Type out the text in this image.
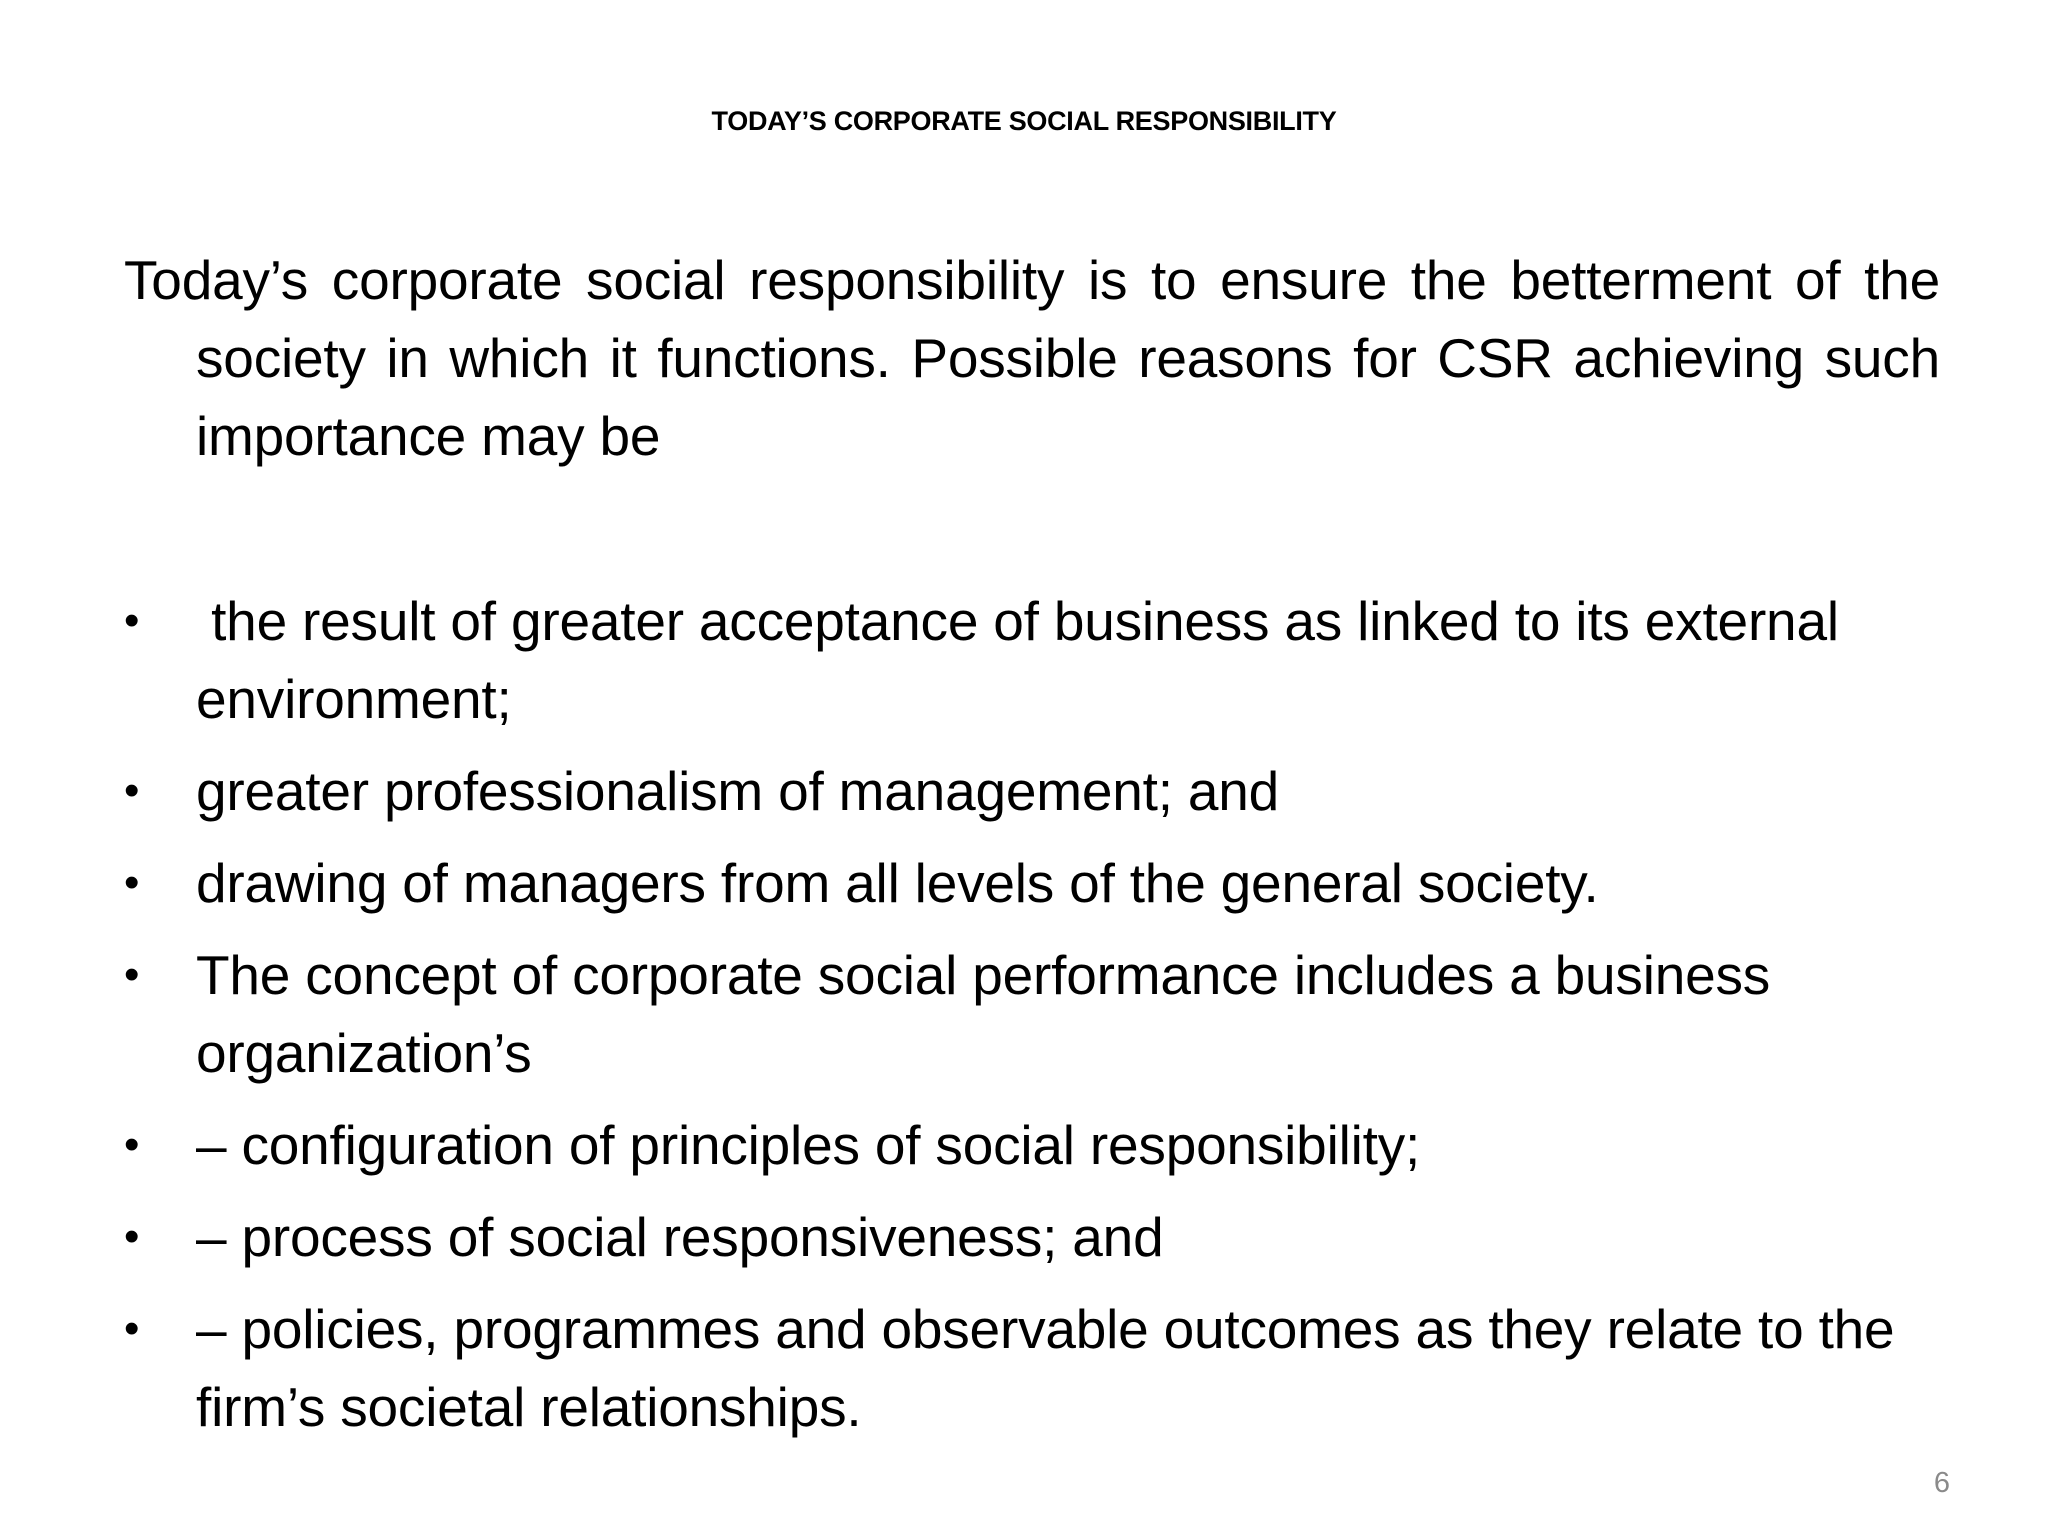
TODAY’S CORPORATE SOCIAL RESPONSIBILITY

Today’s corporate social responsibility is to ensure the betterment of the society in which it functions. Possible reasons for CSR achieving such importance may be

• the result of greater acceptance of business as linked to its external environment;
• greater professionalism of management; and
• drawing of managers from all levels of the general society.
• The concept of corporate social performance includes a business organization’s
• – configuration of principles of social responsibility;
• – process of social responsiveness; and
• – policies, programmes and observable outcomes as they relate to the firm’s societal relationships.
6
